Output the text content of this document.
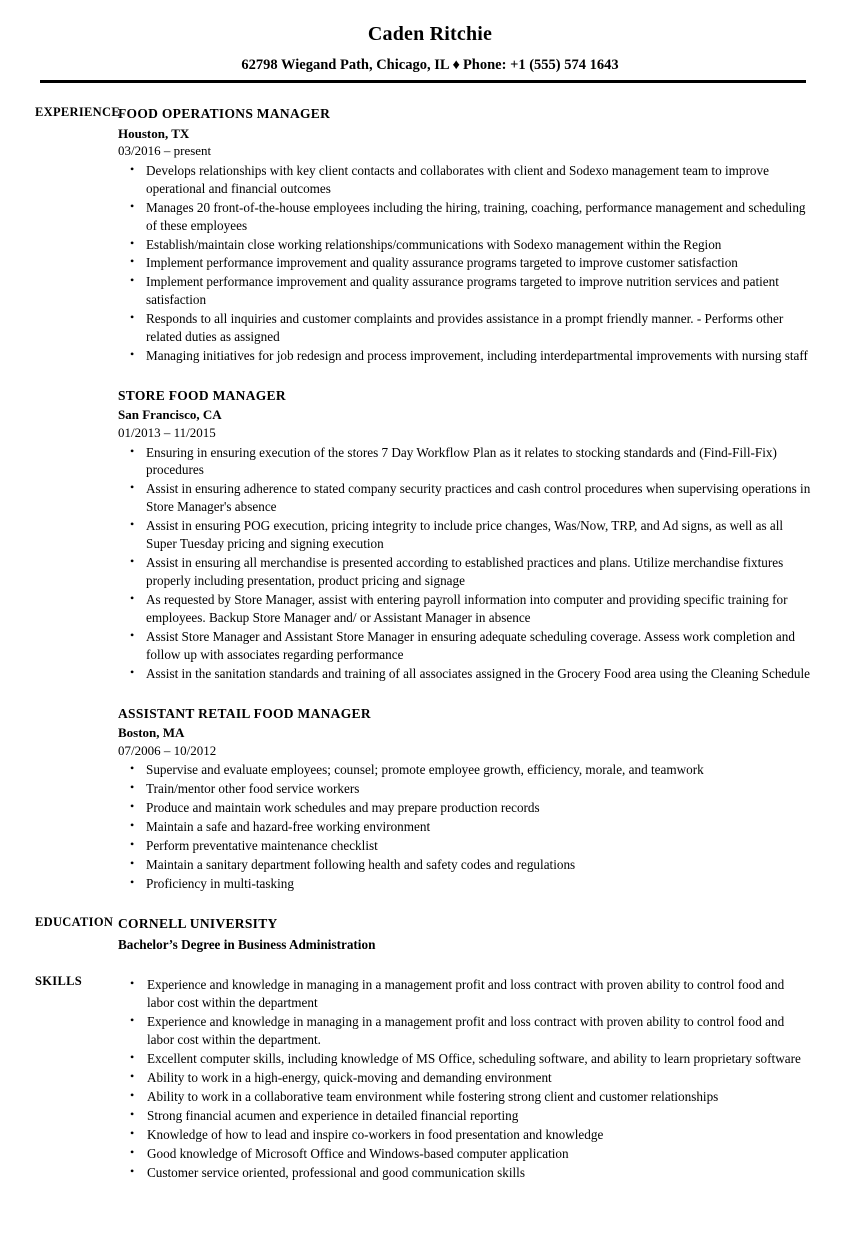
Caden Ritchie
62798 Wiegand Path, Chicago, IL ♦ Phone: +1 (555) 574 1643
EXPERIENCE
FOOD OPERATIONS MANAGER
Houston, TX
03/2016 – present
• Develops relationships with key client contacts and collaborates with client and Sodexo management team to improve operational and financial outcomes
• Manages 20 front-of-the-house employees including the hiring, training, coaching, performance management and scheduling of these employees
• Establish/maintain close working relationships/communications with Sodexo management within the Region
• Implement performance improvement and quality assurance programs targeted to improve customer satisfaction
• Implement performance improvement and quality assurance programs targeted to improve nutrition services and patient satisfaction
• Responds to all inquiries and customer complaints and provides assistance in a prompt friendly manner. - Performs other related duties as assigned
• Managing initiatives for job redesign and process improvement, including interdepartmental improvements with nursing staff
STORE FOOD MANAGER
San Francisco, CA
01/2013 – 11/2015
• Ensuring in ensuring execution of the stores 7 Day Workflow Plan as it relates to stocking standards and (Find-Fill-Fix) procedures
• Assist in ensuring adherence to stated company security practices and cash control procedures when supervising operations in Store Manager's absence
• Assist in ensuring POG execution, pricing integrity to include price changes, Was/Now, TRP, and Ad signs, as well as all Super Tuesday pricing and signing execution
• Assist in ensuring all merchandise is presented according to established practices and plans. Utilize merchandise fixtures properly including presentation, product pricing and signage
• As requested by Store Manager, assist with entering payroll information into computer and providing specific training for employees. Backup Store Manager and/ or Assistant Manager in absence
• Assist Store Manager and Assistant Store Manager in ensuring adequate scheduling coverage. Assess work completion and follow up with associates regarding performance
• Assist in the sanitation standards and training of all associates assigned in the Grocery Food area using the Cleaning Schedule
ASSISTANT RETAIL FOOD MANAGER
Boston, MA
07/2006 – 10/2012
• Supervise and evaluate employees; counsel; promote employee growth, efficiency, morale, and teamwork
• Train/mentor other food service workers
• Produce and maintain work schedules and may prepare production records
• Maintain a safe and hazard-free working environment
• Perform preventative maintenance checklist
• Maintain a sanitary department following health and safety codes and regulations
• Proficiency in multi-tasking
EDUCATION CORNELL UNIVERSITY
Bachelor’s Degree in Business Administration
SKILLS	• Experience and knowledge in managing in a management profit and loss contract with proven ability to control food and labor cost within the department
• Experience and knowledge in managing in a management profit and loss contract with proven ability to control food and labor cost within the department.
• Excellent computer skills, including knowledge of MS Office, scheduling software, and ability to learn proprietary software
• Ability to work in a high-energy, quick-moving and demanding environment
• Ability to work in a collaborative team environment while fostering strong client and customer relationships
• Strong financial acumen and experience in detailed financial reporting
• Knowledge of how to lead and inspire co-workers in food presentation and knowledge
• Good knowledge of Microsoft Office and Windows-based computer application
• Customer service oriented, professional and good communication skills
